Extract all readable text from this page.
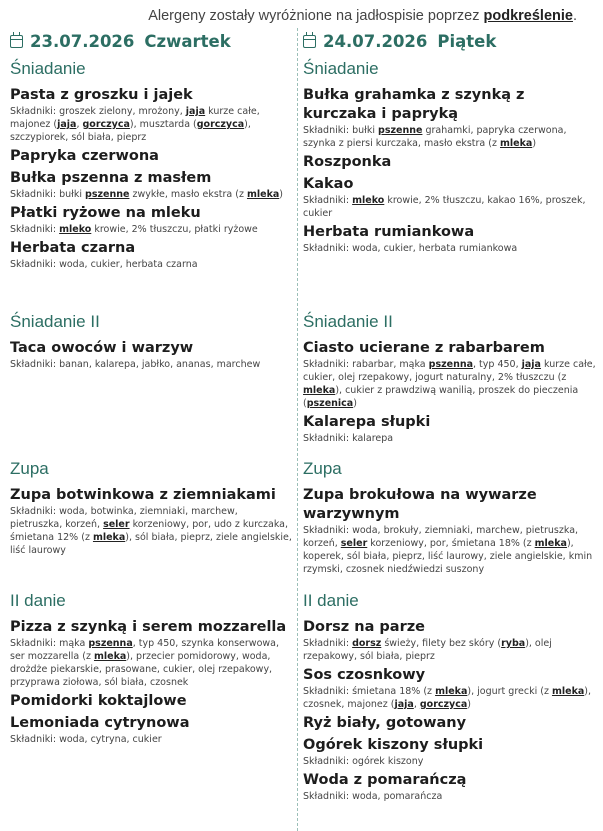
Alergeny zostały wyróżnione na jadłospisie poprzez podkreślenie.
23.07.2026 Czwartek
Śniadanie
Pasta z groszku i jajek
Składniki: groszek zielony, mrożony, jaja kurze całe, majonez (jaja, gorczyca), musztarda (gorczyca), szczypiorek, sól biała, pieprz
Papryka czerwona
Bułka pszenna z masłem
Składniki: bułki pszenne zwykłe, masło ekstra (z mleka)
Płatki ryżowe na mleku
Składniki: mleko krowie, 2% tłuszczu, płatki ryżowe
Herbata czarna
Składniki: woda, cukier, herbata czarna
Śniadanie II
Taca owoców i warzyw
Składniki: banan, kalarepa, jabłko, ananas, marchew
Zupa
Zupa botwinkowa z ziemniakami
Składniki: woda, botwinka, ziemniaki, marchew, pietruszka, korzeń, seler korzeniowy, por, udo z kurczaka, śmietana 12% (z mleka), sól biała, pieprz, ziele angielskie, liść laurowy
II danie
Pizza z szynką i serem mozzarella
Składniki: mąka pszenna, typ 450, szynka konserwowa, ser mozzarella (z mleka), przecier pomidorowy, woda, drożdże piekarskie, prasowane, cukier, olej rzepakowy, przyprawa ziołowa, sól biała, czosnek
Pomidorki koktajlowe
Lemoniada cytrynowa
Składniki: woda, cytryna, cukier
24.07.2026 Piątek
Śniadanie
Bułka grahamka z szynką z kurczaka i papryką
Składniki: bułki pszenne grahamki, papryka czerwona, szynka z piersi kurczaka, masło ekstra (z mleka)
Roszponka
Kakao
Składniki: mleko krowie, 2% tłuszczu, kakao 16%, proszek, cukier
Herbata rumiankowa
Składniki: woda, cukier, herbata rumiankowa
Śniadanie II
Ciasto ucierane z rabarbarem
Składniki: rabarbar, mąka pszenna, typ 450, jaja kurze całe, cukier, olej rzepakowy, jogurt naturalny, 2% tłuszczu (z mleka), cukier z prawdziwą wanilią, proszek do pieczenia (pszenica)
Kalarepa słupki
Składniki: kalarepa
Zupa
Zupa brokułowa na wywarze warzywnym
Składniki: woda, brokuły, ziemniaki, marchew, pietruszka, korzeń, seler korzeniowy, por, śmietana 18% (z mleka), koperek, sól biała, pieprz, liść laurowy, ziele angielskie, kmin rzymski, czosnek niedźwiedzi suszony
II danie
Dorsz na parze
Składniki: dorsz świeży, filety bez skóry (ryba), olej rzepakowy, sól biała, pieprz
Sos czosnkowy
Składniki: śmietana 18% (z mleka), jogurt grecki (z mleka), czosnek, majonez (jaja, gorczyca)
Ryż biały, gotowany
Ogórek kiszony słupki
Składniki: ogórek kiszony
Woda z pomarańczą
Składniki: woda, pomarańcza
